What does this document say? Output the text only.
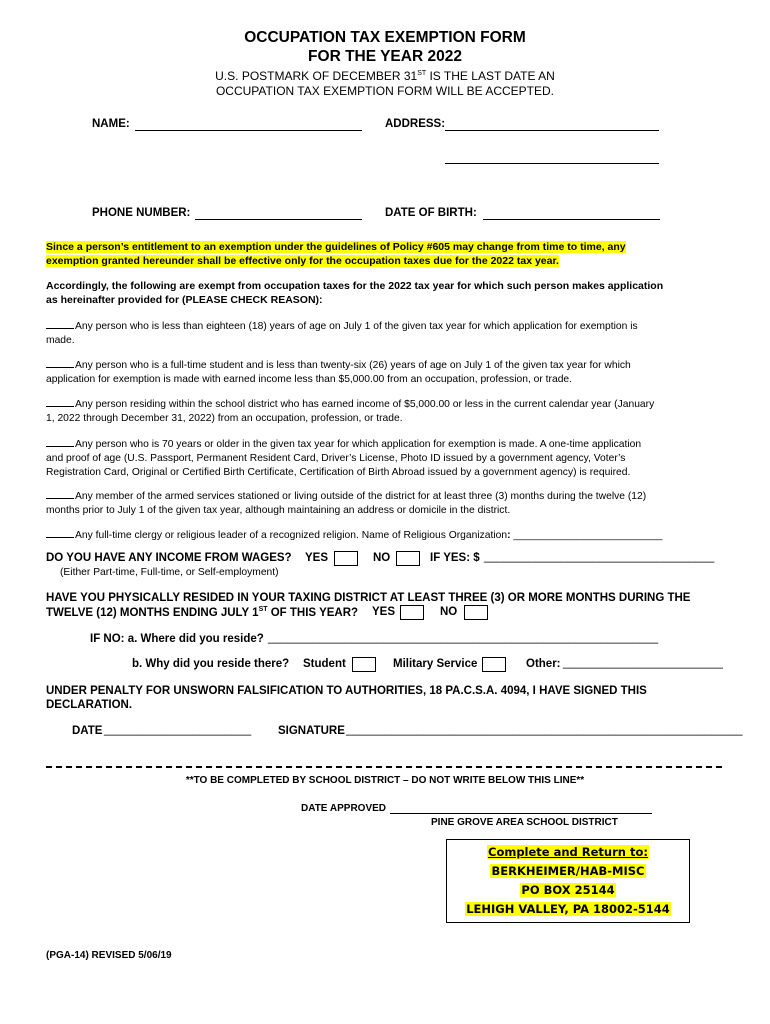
OCCUPATION TAX EXEMPTION FORM
FOR THE YEAR 2022
U.S. POSTMARK OF DECEMBER 31ST IS THE LAST DATE AN
OCCUPATION TAX EXEMPTION FORM WILL BE ACCEPTED.
NAME:	ADDRESS:
PHONE NUMBER:	DATE OF BIRTH:
Since a person’s entitlement to an exemption under the guidelines of Policy #605 may change from time to time, any
exemption granted hereunder shall be effective only for the occupation taxes due for the 2022 tax year.
Accordingly, the following are exempt from occupation taxes for the 2022 tax year for which such person makes application
as hereinafter provided for (PLEASE CHECK REASON):
Any person who is less than eighteen (18) years of age on July 1 of the given tax year for which application for exemption is
made.
Any person who is a full-time student and is less than twenty-six (26) years of age on July 1 of the given tax year for which
application for exemption is made with earned income less than $5,000.00 from an occupation, profession, or trade.
Any person residing within the school district who has earned income of $5,000.00 or less in the current calendar year (January
1, 2022 through December 31, 2022) from an occupation, profession, or trade.
Any person who is 70 years or older in the given tax year for which application for exemption is made. A one-time application
and proof of age (U.S. Passport, Permanent Resident Card, Driver’s License, Photo ID issued by a government agency, Voter’s
Registration Card, Original or Certified Birth Certificate, Certification of Birth Abroad issued by a government agency) is required.
Any member of the armed services stationed or living outside of the district for at least three (3) months during the twelve (12)
months prior to July 1 of the given tax year, although maintaining an address or domicile in the district.
Any full-time clergy or religious leader of a recognized religion. Name of Religious Organization: __________________________
DO YOU HAVE ANY INCOME FROM WAGES? YES	NO	IF YES: $ ____________________________________
(Either Part-time, Full-time, or Self-employment)
HAVE YOU PHYSICALLY RESIDED IN YOUR TAXING DISTRICT AT LEAST THREE (3) OR MORE MONTHS DURING THE
TWELVE (12) MONTHS ENDING JULY 1ST OF THIS YEAR? YES	NO
IF NO: a. Where did you reside? _____________________________________________________________
b. Why did you reside there? Student	Military Service	Other: _________________________
UNDER PENALTY FOR UNSWORN FALSIFICATION TO AUTHORITIES, 18 PA.C.S.A. 4094, I HAVE SIGNED THIS
DECLARATION.
DATE _______________________ SIGNATURE ______________________________________________________________
**TO BE COMPLETED BY SCHOOL DISTRICT – DO NOT WRITE BELOW THIS LINE**
DATE APPROVED
PINE GROVE AREA SCHOOL DISTRICT
Complete and Return to:
BERKHEIMER/HAB-MISC
PO BOX 25144
LEHIGH VALLEY, PA 18002-5144
(PGA-14) REVISED 5/06/19
